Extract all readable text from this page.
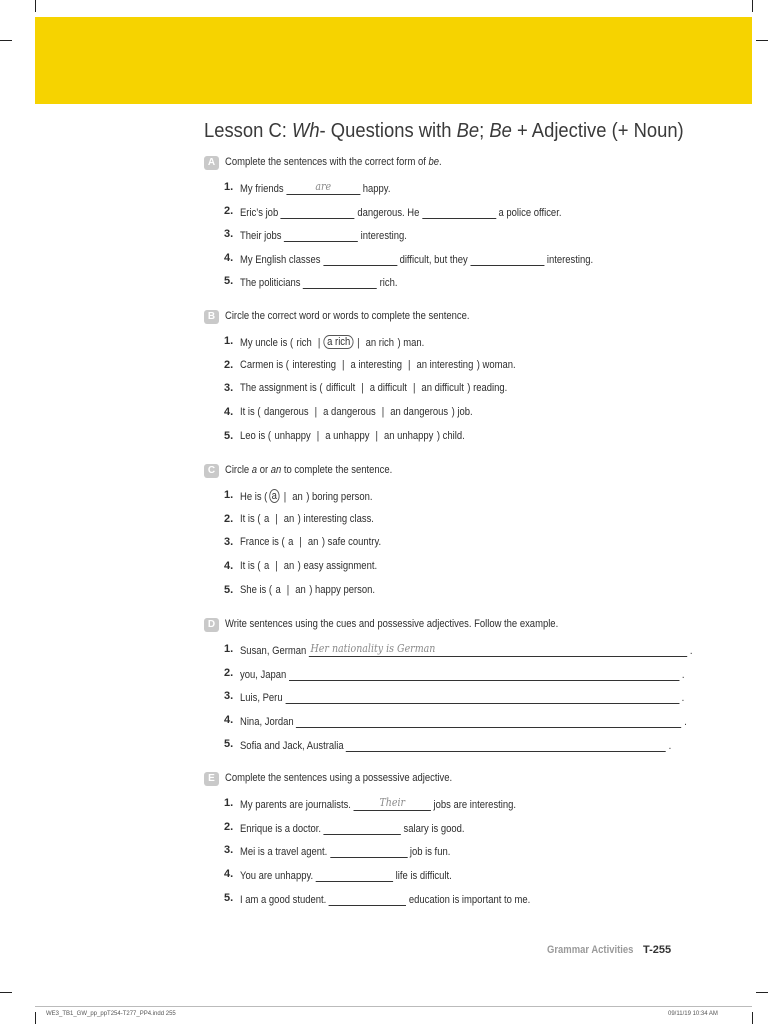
Lesson C: Wh- Questions with Be; Be + Adjective (+ Noun)
A Complete the sentences with the correct form of be.
1. My friends	are	happy.
2. Eric’s job	dangerous. He	a police officer.
3. Their jobs	interesting.
4. My English classes	difficult, but they	interesting.
5. The politicians	rich.
B Circle the correct word or words to complete the sentence.
1. My uncle is ( rich | a rich | an rich ) man.
2. Carmen is ( interesting | a interesting | an interesting ) woman.
3. The assignment is ( difficult | a difficult | an difficult ) reading.
4. It is ( dangerous | a dangerous | an dangerous ) job.
5. Leo is ( unhappy | a unhappy | an unhappy ) child.
C Circle a or an to complete the sentence.
1. He is ( a | an ) boring person.
2. It is ( a | an ) interesting class.
3. France is ( a | an ) safe country.
4. It is ( a | an ) easy assignment.
5. She is ( a | an ) happy person.
D Write sentences using the cues and possessive adjectives. Follow the example.
1. Susan, German Her nationality is German	.
2. you, Japan	.
3. Luis, Peru	.
4. Nina, Jordan	.
5. Sofia and Jack, Australia	.
E Complete the sentences using a possessive adjective.
1. My parents are journalists.	Their	jobs are interesting.
2. Enrique is a doctor.	salary is good.
3. Mei is a travel agent.	job is fun.
4. You are unhappy.	life is difficult.
5. I am a good student.	education is important to me.
Grammar Activities T-255
WE3_TB1_GW_pp_ppT254-T277_PP4.indd 255	09/11/19 10:34 AM
